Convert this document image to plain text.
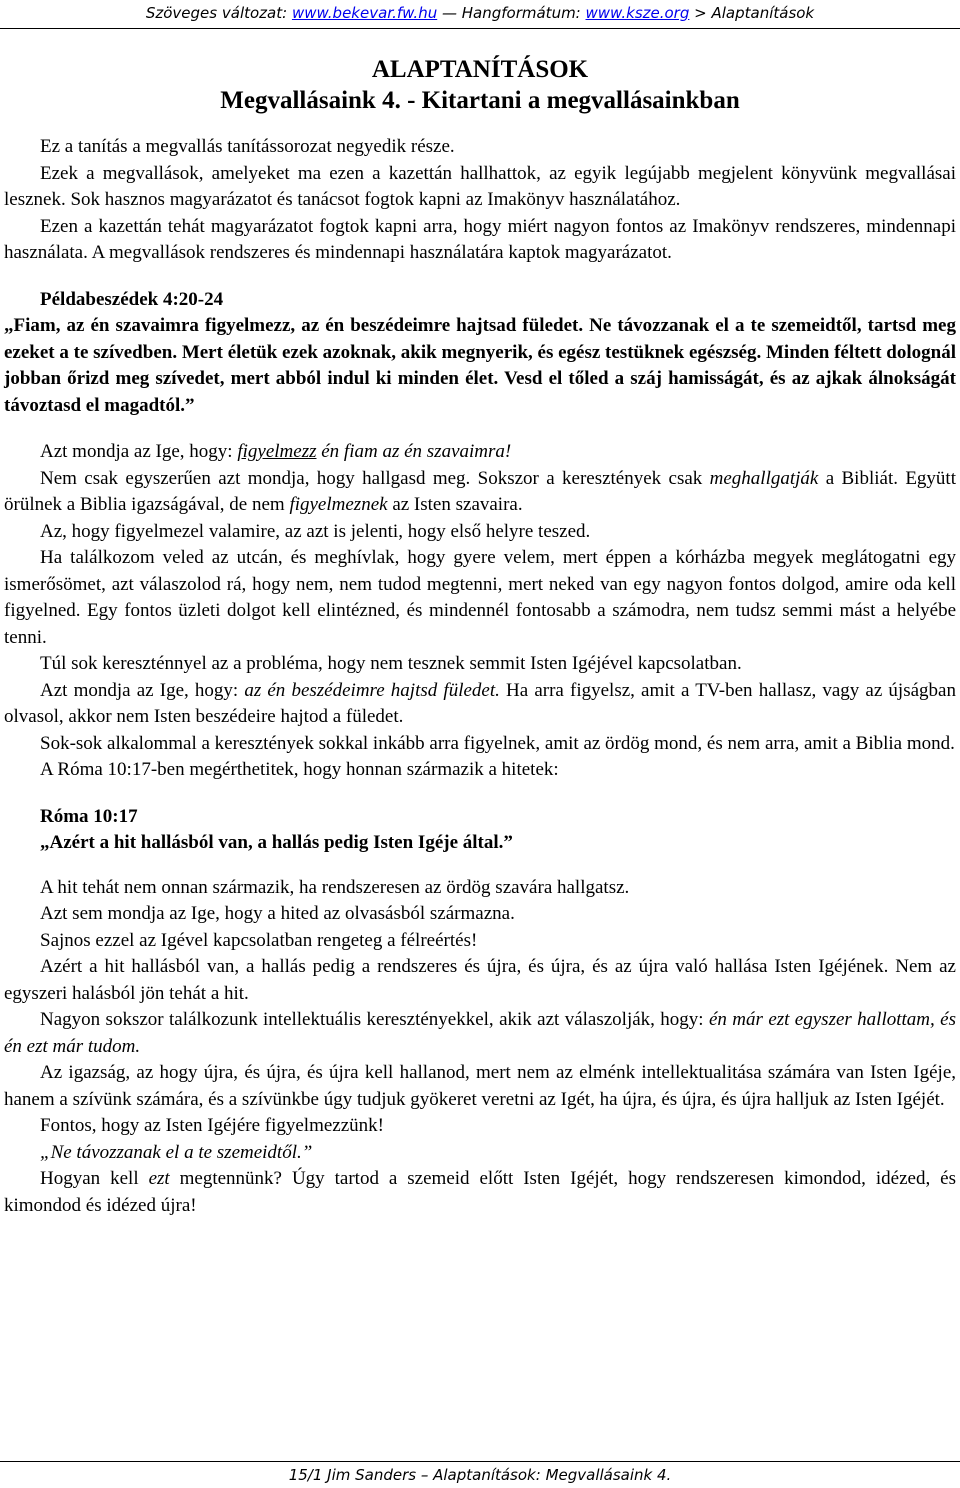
Szöveges változat: www.bekevar.fw.hu — Hangformátum: www.ksze.org > Alaptanítások
ALAPTANÍTÁSOK
Megvallásaink 4. - Kitartani a megvallásainkban

Ez a tanítás a megvallás tanítássorozat negyedik része.

Ezek a megvallások, amelyeket ma ezen a kazettán hallhattok, az egyik legújabb megjelent könyvünk megvallásai lesznek. Sok hasznos magyarázatot és tanácsot fogtok kapni az Imakönyv használatához.

Ezen a kazettán tehát magyarázatot fogtok kapni arra, hogy miért nagyon fontos az Imakönyv rendszeres, mindennapi használata. A megvallások rendszeres és mindennapi használatára kaptok magyarázatot.

Példabeszédek 4:20-24

„Fiam, az én szavaimra figyelmezz, az én beszédeimre hajtsad füledet. Ne távozzanak el a te szemeidtől, tartsd meg ezeket a te szívedben. Mert életük ezek azoknak, akik megnyerik, és egész testüknek egészség. Minden féltett dolognál jobban őrizd meg szívedet, mert abból indul ki minden élet. Vesd el tőled a száj hamisságát, és az ajkak álnokságát távoztasd el magadtól.”

Azt mondja az Ige, hogy: figyelmezz én fiam az én szavaimra!

Nem csak egyszerűen azt mondja, hogy hallgasd meg. Sokszor a keresztények csak meghallgatják a Bibliát. Együtt örülnek a Biblia igazságával, de nem figyelmeznek az Isten szavaira.

Az, hogy figyelmezel valamire, az azt is jelenti, hogy első helyre teszed.

Ha találkozom veled az utcán, és meghívlak, hogy gyere velem, mert éppen a kórházba megyek meglátogatni egy ismerősömet, azt válaszolod rá, hogy nem, nem tudod megtenni, mert neked van egy nagyon fontos dolgod, amire oda kell figyelned. Egy fontos üzleti dolgot kell elintézned, és mindennél fontosabb a számodra, nem tudsz semmi mást a helyébe tenni.

Túl sok kereszténnyel az a probléma, hogy nem tesznek semmit Isten Igéjével kapcsolatban.

Azt mondja az Ige, hogy: az én beszédeimre hajtsd füledet. Ha arra figyelsz, amit a TV-ben hallasz, vagy az újságban olvasol, akkor nem Isten beszédeire hajtod a füledet.

Sok-sok alkalommal a keresztények sokkal inkább arra figyelnek, amit az ördög mond, és nem arra, amit a Biblia mond.

A Róma 10:17-ben megérthetitek, hogy honnan származik a hitetek:

Róma 10:17

„Azért a hit hallásból van, a hallás pedig Isten Igéje által.”

A hit tehát nem onnan származik, ha rendszeresen az ördög szavára hallgatsz.

Azt sem mondja az Ige, hogy a hited az olvasásból származna.

Sajnos ezzel az Igével kapcsolatban rengeteg a félreértés!

Azért a hit hallásból van, a hallás pedig a rendszeres és újra, és újra, és az újra való hallása Isten Igéjének. Nem az egyszeri halásból jön tehát a hit.

Nagyon sokszor találkozunk intellektuális keresztényekkel, akik azt válaszolják, hogy: én már ezt egyszer hallottam, és én ezt már tudom.

Az igazság, az hogy újra, és újra, és újra kell hallanod, mert nem az elménk intellektualitása számára van Isten Igéje, hanem a szívünk számára, és a szívünkbe úgy tudjuk gyökeret veretni az Igét, ha újra, és újra, és újra halljuk az Isten Igéjét.

Fontos, hogy az Isten Igéjére figyelmezzünk!

„Ne távozzanak el a te szemeidtől.”

Hogyan kell ezt megtennünk? Úgy tartod a szemeid előtt Isten Igéjét, hogy rendszeresen kimondod, idézed, és kimondod és idézed újra!

15/1 Jim Sanders – Alaptanítások: Megvallásaink 4.
